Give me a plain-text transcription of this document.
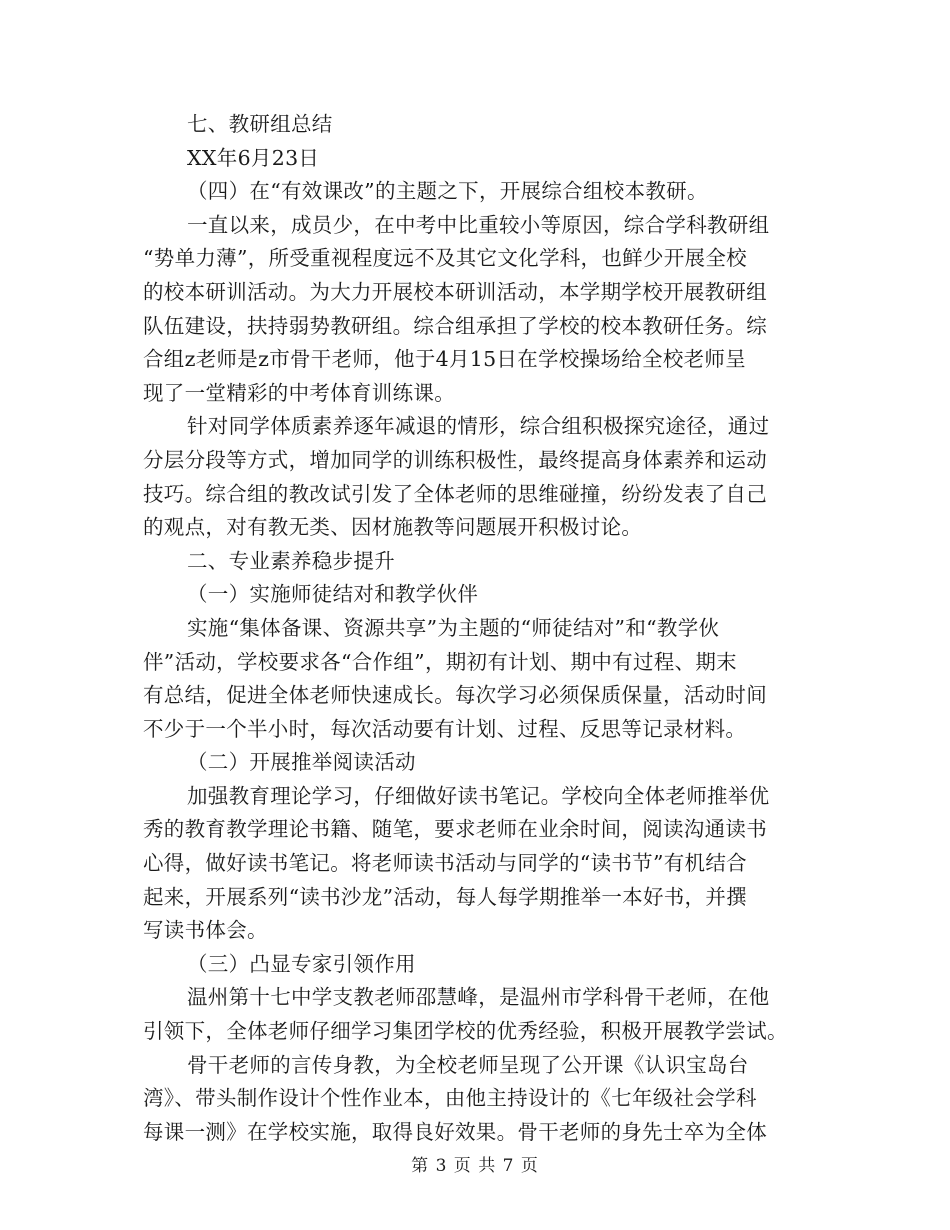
七、教研组总结
XX年6月23日
（四）在“有效课改”的主题之下，开展综合组校本教研。
一直以来，成员少，在中考中比重较小等原因，综合学科教研组
“势单力薄”，所受重视程度远不及其它文化学科，也鲜少开展全校
的校本研训活动。为大力开展校本研训活动，本学期学校开展教研组
队伍建设，扶持弱势教研组。综合组承担了学校的校本教研任务。综
合组z老师是z市骨干老师，他于4月15日在学校操场给全校老师呈
现了一堂精彩的中考体育训练课。
针对同学体质素养逐年减退的情形，综合组积极探究途径，通过
分层分段等方式，增加同学的训练积极性，最终提高身体素养和运动
技巧。综合组的教改试引发了全体老师的思维碰撞，纷纷发表了自己
的观点，对有教无类、因材施教等问题展开积极讨论。
二、专业素养稳步提升
（一）实施师徒结对和教学伙伴
实施“集体备课、资源共享”为主题的“师徒结对”和“教学伙
伴”活动，学校要求各“合作组”，期初有计划、期中有过程、期末
有总结，促进全体老师快速成长。每次学习必须保质保量，活动时间
不少于一个半小时，每次活动要有计划、过程、反思等记录材料。
（二）开展推举阅读活动
加强教育理论学习，仔细做好读书笔记。学校向全体老师推举优
秀的教育教学理论书籍、随笔，要求老师在业余时间，阅读沟通读书
心得，做好读书笔记。将老师读书活动与同学的“读书节”有机结合
起来，开展系列“读书沙龙”活动，每人每学期推举一本好书，并撰
写读书体会。
（三）凸显专家引领作用
温州第十七中学支教老师邵慧峰，是温州市学科骨干老师，在他
引领下，全体老师仔细学习集团学校的优秀经验，积极开展教学尝试。
骨干老师的言传身教，为全校老师呈现了公开课《认识宝岛台
湾》、带头制作设计个性作业本，由他主持设计的《七年级社会学科
每课一测》在学校实施，取得良好效果。骨干老师的身先士卒为全体
第 3 页 共 7 页
